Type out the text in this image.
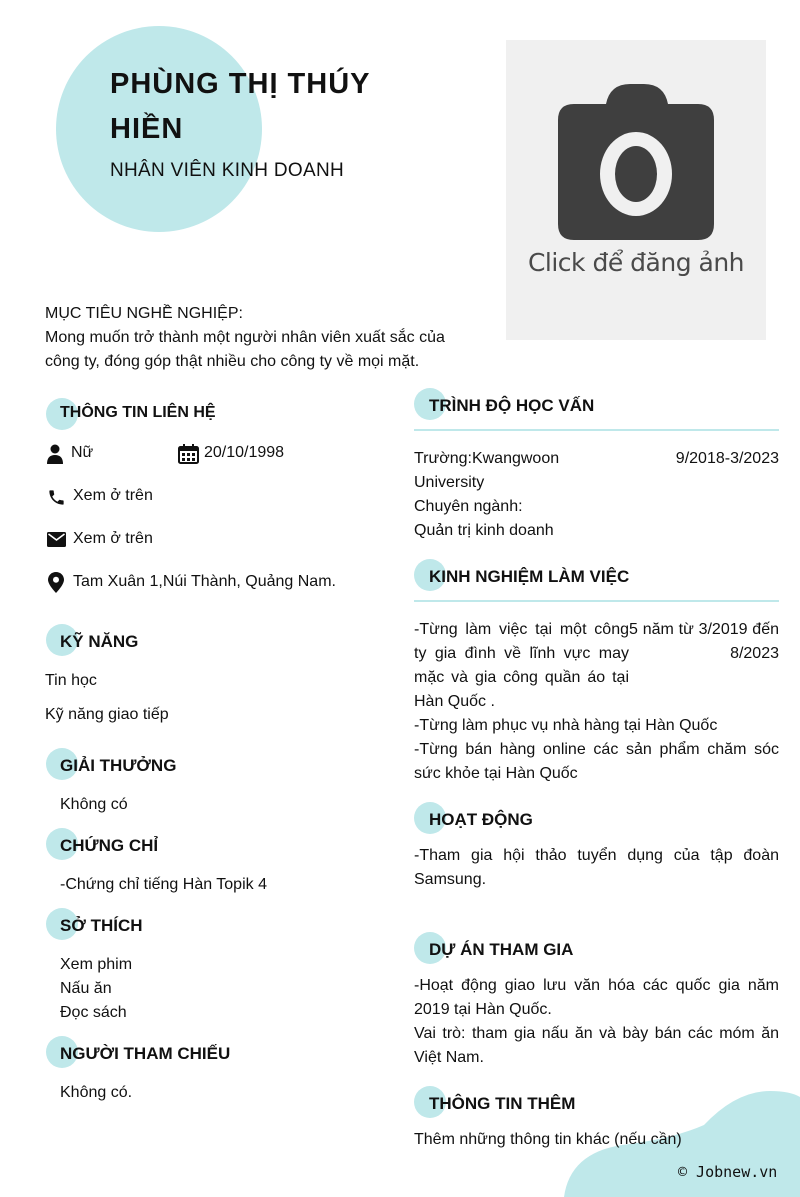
PHÙNG THỊ THÚY HIỀN
NHÂN VIÊN KINH DOANH
Click để đăng ảnh
MỤC TIÊU NGHỀ NGHIỆP:
Mong muốn trở thành một người nhân viên xuất sắc của công ty, đóng góp thật nhiều cho công ty về mọi mặt.
THÔNG TIN LIÊN HỆ
Nữ	20/10/1998
Xem ở trên
Xem ở trên
Tam Xuân 1,Núi Thành, Quảng Nam.
KỸ NĂNG
Tin học
Kỹ năng giao tiếp
GIẢI THƯỞNG
Không có
CHỨNG CHỈ
-Chứng chỉ tiếng Hàn Topik 4
SỞ THÍCH
Xem phim
Nấu ăn
Đọc sách
NGƯỜI THAM CHIẾU
Không có.
TRÌNH ĐỘ HỌC VẤN
Trường:Kwangwoon University
9/2018-3/2023
Chuyên ngành:
Quản trị kinh doanh
KINH NGHIỆM LÀM VIỆC
-Từng làm việc tại một công ty gia đình về lĩnh vực may mặc và gia công quần áo tại Hàn Quốc .
5 năm từ 3/2019 đến 8/2023
-Từng làm phục vụ nhà hàng tại Hàn Quốc
-Từng bán hàng online các sản phẩm chăm sóc sức khỏe tại Hàn Quốc
HOẠT ĐỘNG
-Tham gia hội thảo tuyển dụng của tập đoàn Samsung.
DỰ ÁN THAM GIA
-Hoạt động giao lưu văn hóa các quốc gia năm 2019 tại Hàn Quốc.
Vai trò: tham gia nấu ăn và bày bán các móm ăn Việt Nam.
THÔNG TIN THÊM
Thêm những thông tin khác (nếu cần)
© Jobnew.vn
